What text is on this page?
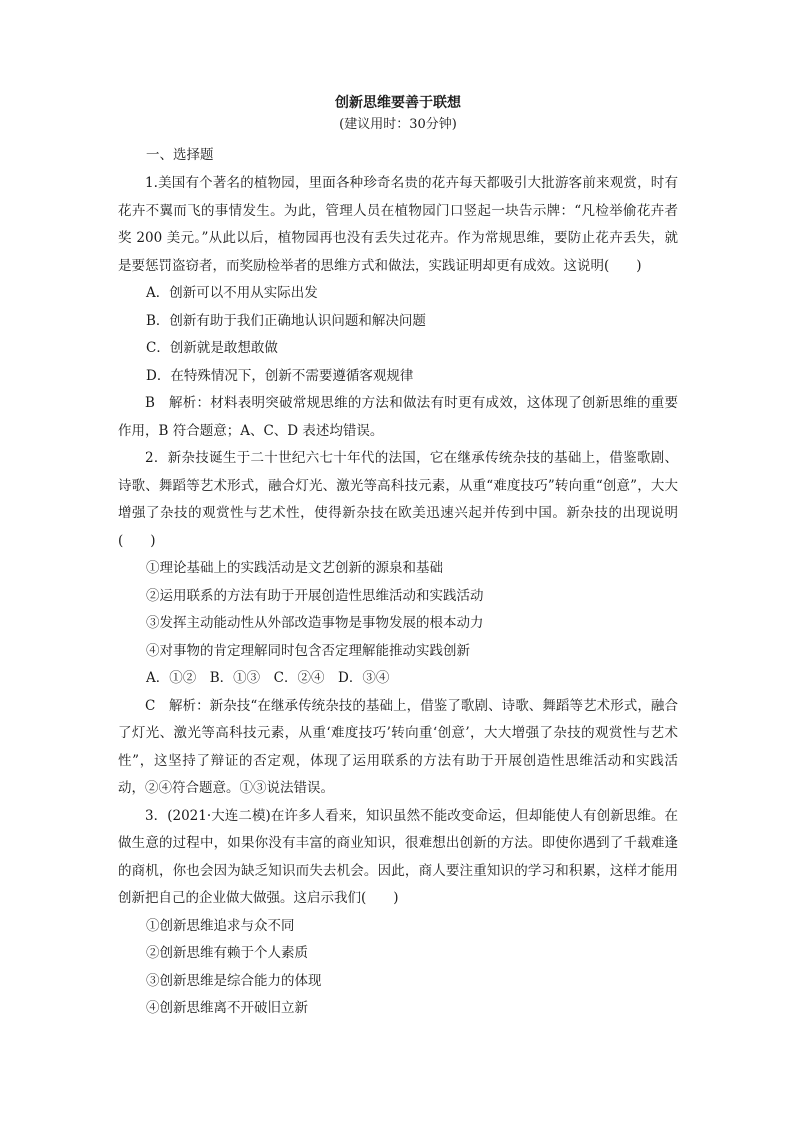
创新思维要善于联想

(建议用时：30分钟)

一、选择题

1.美国有个著名的植物园，里面各种珍奇名贵的花卉每天都吸引大批游客前来观赏，时有花卉不翼而飞的事情发生。为此，管理人员在植物园门口竖起一块告示牌：“凡检举偷花卉者奖 200 美元。”从此以后，植物园再也没有丢失过花卉。作为常规思维，要防止花卉丢失，就是要惩罚盗窃者，而奖励检举者的思维方式和做法，实践证明却更有成效。这说明(　　)

A．创新可以不用从实际出发

B．创新有助于我们正确地认识问题和解决问题

C．创新就是敢想敢做

D．在特殊情况下，创新不需要遵循客观规律

B　解析：材料表明突破常规思维的方法和做法有时更有成效，这体现了创新思维的重要作用，B 符合题意；A、C、D 表述均错误。

2．新杂技诞生于二十世纪六七十年代的法国，它在继承传统杂技的基础上，借鉴歌剧、诗歌、舞蹈等艺术形式，融合灯光、激光等高科技元素，从重“难度技巧”转向重“创意”，大大增强了杂技的观赏性与艺术性，使得新杂技在欧美迅速兴起并传到中国。新杂技的出现说明(　　)

①理论基础上的实践活动是文艺创新的源泉和基础

②运用联系的方法有助于开展创造性思维活动和实践活动

③发挥主动能动性从外部改造事物是事物发展的根本动力

④对事物的肯定理解同时包含否定理解能推动实践创新

A．①②　B．①③　C．②④　D．③④

C　解析：新杂技“在继承传统杂技的基础上，借鉴了歌剧、诗歌、舞蹈等艺术形式，融合了灯光、激光等高科技元素，从重‘难度技巧’转向重‘创意’，大大增强了杂技的观赏性与艺术性”，这坚持了辩证的否定观，体现了运用联系的方法有助于开展创造性思维活动和实践活动，②④符合题意。①③说法错误。

3．(2021·大连二模)在许多人看来，知识虽然不能改变命运，但却能使人有创新思维。在做生意的过程中，如果你没有丰富的商业知识，很难想出创新的方法。即使你遇到了千载难逢的商机，你也会因为缺乏知识而失去机会。因此，商人要注重知识的学习和积累，这样才能用创新把自己的企业做大做强。这启示我们(　　)

①创新思维追求与众不同

②创新思维有赖于个人素质

③创新思维是综合能力的体现

④创新思维离不开破旧立新
